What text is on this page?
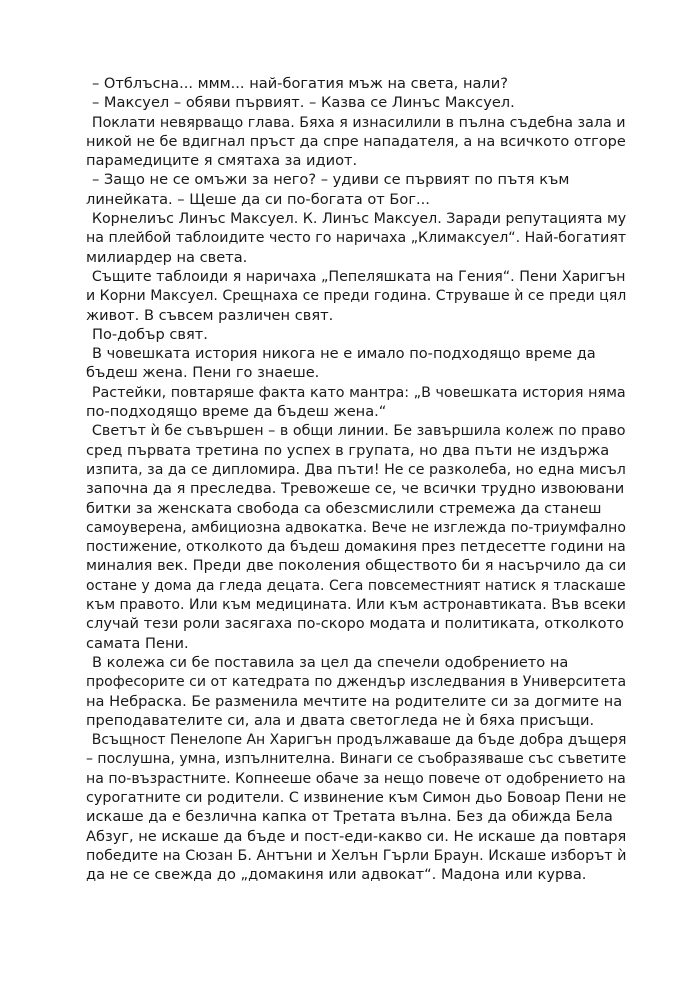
– Отблъсна... ммм... най-богатия мъж на света, нали?

– Максуел – обяви първият. – Казва се Линъс Максуел.

Поклати невярващо глава. Бяха я изнасилили в пълна съдебна зала и
никой не бе вдигнал пръст да спре нападателя, а на всичкото отгоре
парамедиците я смятаха за идиот.

– Защо не се омъжи за него? – удиви се първият по пътя към
линейката. – Щеше да си по-богата от Бог...

Корнелиъс Линъс Максуел. К. Линъс Максуел. Заради репутацията му
на плейбой таблоидите често го наричаха „Климаксуел“. Най-богатият
милиардер на света.

Същите таблоиди я наричаха „Пепеляшката на Гения“. Пени Харигън
и Корни Максуел. Срещнаха се преди година. Струваше ѝ се преди цял
живот. В съвсем различен свят.

По-добър свят.

В човешката история никога не е имало по-подходящо време да
бъдеш жена. Пени го знаеше.

Растейки, повтаряше факта като мантра: „В човешката история няма
по-подходящо време да бъдеш жена.“

Светът ѝ бе съвършен – в общи линии. Бе завършила колеж по право
сред първата третина по успех в групата, но два пъти не издържа
изпита, за да се дипломира. Два пъти! Не се разколеба, но една мисъл
започна да я преследва. Тревожеше се, че всички трудно извоювани
битки за женската свобода са обезсмислили стремежа да станеш
самоуверена, амбициозна адвокатка. Вече не изглежда по-триумфално
постижение, отколкото да бъдеш домакиня през петдесетте години на
миналия век. Преди две поколения обществото би я насърчило да си
остане у дома да гледа децата. Сега повсеместният натиск я тласкаше
към правото. Или към медицината. Или към астронавтиката. Във всеки
случай тези роли засягаха по-скоро модата и политиката, отколкото
самата Пени.

В колежа си бе поставила за цел да спечели одобрението на
професорите си от катедрата по джендър изследвания в Университета
на Небраска. Бе разменила мечтите на родителите си за догмите на
преподавателите си, ала и двата светогледа не ѝ бяха присъщи.

Всъщност Пенелопе Ан Харигън продължаваше да бъде добра дъщеря
– послушна, умна, изпълнителна. Винаги се съобразяваше със съветите
на по-възрастните. Копнееше обаче за нещо повече от одобрението на
сурогатните си родители. С извинение към Симон дьо Бовоар Пени не
искаше да е безлична капка от Третата вълна. Без да обижда Бела
Абзуг, не искаше да бъде и пост-еди-какво си. Не искаше да повтаря
победите на Сюзан Б. Антъни и Хелън Гърли Браун. Искаше изборът ѝ
да не се свежда до „домакиня или адвокат“. Мадона или курва.
